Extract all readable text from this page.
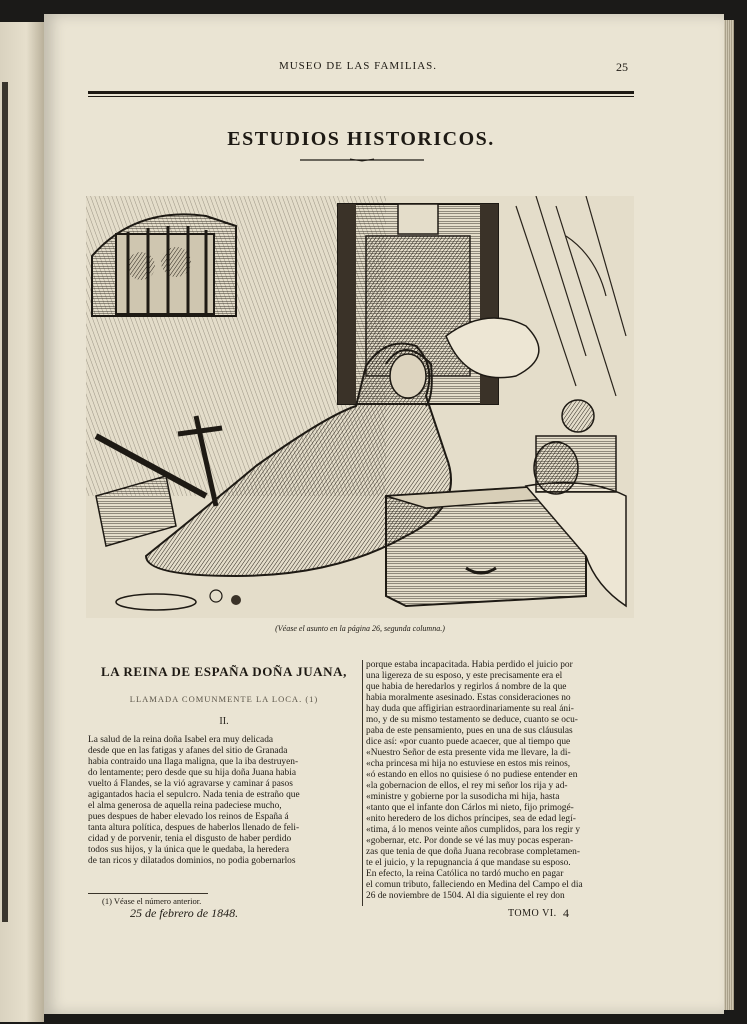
MUSEO DE LAS FAMILIAS.	25
ESTUDIOS HISTORICOS.
(Véase el asunto en la página 26, segunda columna.)
LA REINA DE ESPAÑA DOÑA JUANA,
LLAMADA COMUNMENTE LA LOCA. (1)
II.
La salud de la reina doña Isabel era muy delicada
desde que en las fatigas y afanes del sitio de Granada
habia contraido una llaga maligna, que la iba destruyen-
do lentamente; pero desde que su hija doña Juana habia
vuelto á Flandes, se la vió agravarse y caminar á pasos
agigantados hacia el sepulcro. Nada tenia de estraño que
el alma generosa de aquella reina padeciese mucho,
pues despues de haber elevado los reinos de España á
tanta altura política, despues de haberlos llenado de feli-
cidad y de porvenir, tenia el disgusto de haber perdido
todos sus hijos, y la única que le quedaba, la heredera
de tan ricos y dilatados dominios, no podia gobernarlos
porque estaba incapacitada. Habia perdido el juicio por
una ligereza de su esposo, y este precisamente era el
que habia de heredarlos y regirlos á nombre de la que
habia moralmente asesinado. Estas consideraciones no
hay duda que affigirian estraordinariamente su real áni-
mo, y de su mismo testamento se deduce, cuanto se ocu-
paba de este pensamiento, pues en una de sus cláusulas
dice así: «por cuanto puede acaecer, que al tiempo que
«Nuestro Señor de esta presente vida me llevare, la di-
«cha princesa mi hija no estuviese en estos mis reinos,
«ó estando en ellos no quisiese ó no pudiese entender en
«la gobernacion de ellos, el rey mi señor los rija y ad-
«ministre y gobierne por la susodicha mi hija, hasta
«tanto que el infante don Cárlos mi nieto, fijo primogé-
«nito heredero de los dichos príncipes, sea de edad legí-
«tima, á lo menos veinte años cumplidos, para los regir y
«gobernar, etc. Por donde se vé las muy pocas esperan-
zas que tenia de que doña Juana recobrase completamen-
te el juicio, y la repugnancia á que mandase su esposo.
En efecto, la reina Católica no tardó mucho en pagar
el comun tributo, falleciendo en Medina del Campo el dia
26 de noviembre de 1504. Al dia siguiente el rey don
(1) Véase el número anterior.
25 de febrero de 1848.	TOMO VI. 4
